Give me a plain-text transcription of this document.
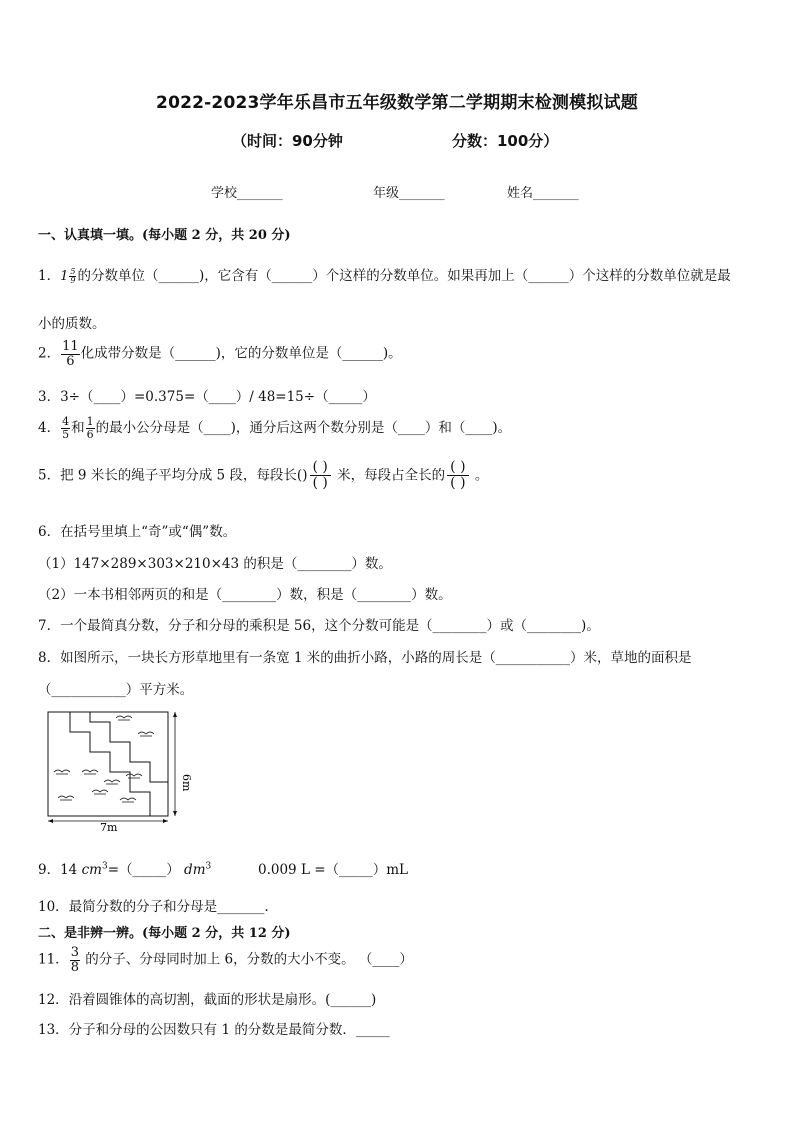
2022-2023学年乐昌市五年级数学第二学期期末检测模拟试题
（时间：90分钟	分数：100分）
学校_______	年级_______	姓名_______
一、认真填一填。(每小题 2 分，共 20 分)
1． $1 \frac{5}{9}$ 的分数单位（______)，它含有（______）个这样的分数单位。如果再加上（______）个这样的分数单位就是最
小的质数。
2． $\frac{11}{6}$ 化成带分数是（______)，它的分数单位是（______)。
3．3÷（____）=0.375=（____）/ 48=15÷（_____）
4． $\frac{4}{5}$ 和 $\frac{1}{6}$ 的最小公分母是（____)，通分后这两个数分别是（____）和（____)。
5．把 9 米长的绳子平均分成 5 段，每段长() $\frac{( )}{( )}$ 米，每段占全长的 $\frac{( )}{( )}$ 。
6．在括号里填上“奇”或“偶”数。
（1）147×289×303×210×43 的积是（________）数。
（2）一本书相邻两页的和是（________）数，积是（________）数。
7．一个最简真分数，分子和分母的乘积是 56，这个分数可能是（________）或（________)。
8．如图所示，一块长方形草地里有一条宽 1 米的曲折小路，小路的周长是（___________）米，草地的面积是
（___________）平方米。
7m
6m
9．14 $cm^3=(\_\_\_\_\_)$ $dm^3$	0.009 L =（_____）mL
10．最简分数的分子和分母是_______.
二、是非辨一辨。(每小题 2 分，共 12 分)
11． $\frac{3}{8}$ 的分子、分母同时加上 6，分数的大小不变。 （____）
12．沿着圆锥体的高切割，截面的形状是扇形。(______)
13．分子和分母的公因数只有 1 的分数是最简分数．_____
